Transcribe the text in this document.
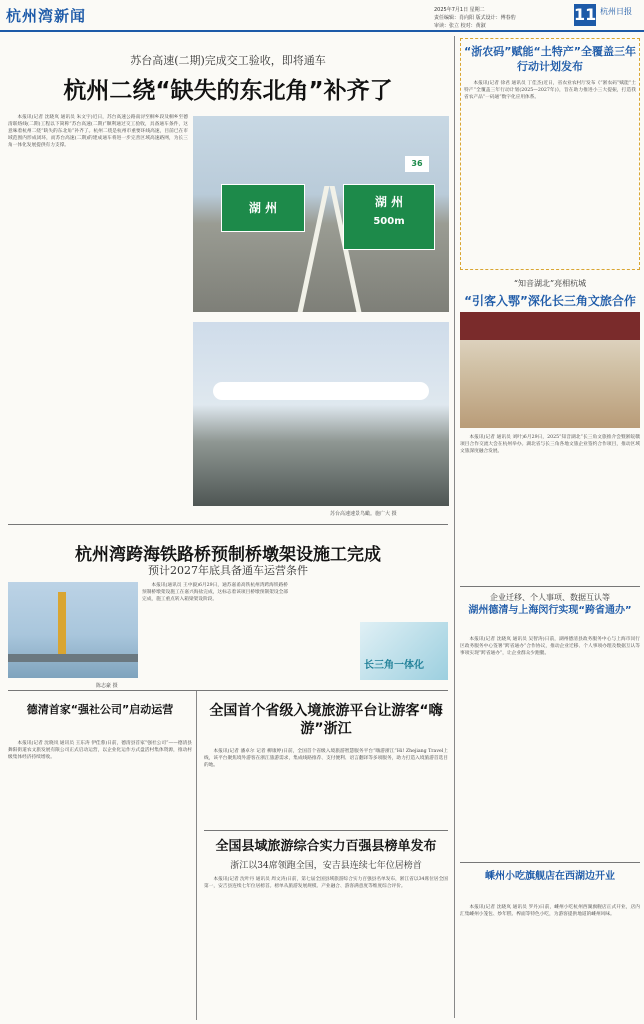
杭州湾新闻	2025年7月1日 星期二
责任编辑：肖向阳 版式设计：傅春豹
审读：张立 校对：黄淑
11 杭州日报
苏台高速(二期)完成交工验收，即将通车
杭州二绕“缺失的东北角”补齐了

本报讯(记者 沈晓岚 通讯员 朱文宇)近日，苏台高速公路南浔至桐乡段及桐乡至德清联络线(二期)工程以下简称“苏台高速(二期)”顺利通过交工验收，具备通车条件，这意味着杭州二绕“缺失的东北角”补齐了。杭州二绕是杭州市重要环线高速，目前已在市域范围内形成闭环，而苏台高速(二期)的建成通车将进一步完善区域高速路网，为长三角一体化发展提供有力支撑。

湖 州	湖 州
500m
36
苏台高速速景鸟瞰。施广大 摄
杭州湾跨海铁路桥预制桥墩架设施工完成
预计2027年底具备通车运营条件
陈志豪 摄

本报讯(通讯员 王中毅)6月29日，通苏嘉甬高铁杭州湾跨海铁路桥预制桥墩架设施工在嘉兴海盐完成，这标志着该项目桥墩预制架设全部完成，施工重点转入箱梁架设阶段。

长三角一体化
德清首家“强社公司”启动运营

本报讯(记者 沈晓岚 通讯员 王东涛 伊佳蓉)日前，德清县首家“强社公司”——德清县舞阳街道农文旅发展有限公司正式启动运营，以企业化运作方式盘活村集体资源，推动村级集体经济持续增收。

全国首个省级入境旅游平台让游客“嗨游”浙江

本报讯(记者 潘卓尔 记者 柳康婷)日前，全国首个省级入境旅游智慧服务平台“嗨游浙江”Hi! Zhejiang Travel上线，该平台聚焦境外游客在浙江旅游需求，集成线路推荐、支付便利、语言翻译等多项服务，助力打造入境旅游首选目的地。

全国县域旅游综合实力百强县榜单发布
浙江以34席领跑全国，安吉县连续七年位居榜首

本报讯(记者 沈叶丹 通讯员 周文涛)日前，第七届全国县域旅游综合实力百强县名单发布，浙江省以34席位居全国第一，安吉县连续七年位居榜首。榜单从旅游发展规模、产业融合、游客满意度等维度综合评价。

“浙农码”赋能“土特产”全覆盖三年行动计划发布

本报讯(记者 徐君 通讯员 丁佳杰)近日，省农业农村厅发布《“浙农码”赋能“土特产”全覆盖三年行动计划(2025—2027年)》，旨在助力推进小三大提振，打造我省农产品“一码通”数字化应用体系。

“知音湖北”亮相杭城
“引客入鄂”深化长三角文旅合作

本报讯(记者 通讯员 刘叶)6月29日，2025“知音湖北”长三角文旅推介会暨浙皖赣项目合作交流大会在杭州举办。湖北省与长三角各地文旅企业签约合作项目，推动区域文旅深度融合发展。

企业迁移、个人事项、数据互认等
湖州德清与上海闵行实现“跨省通办”

本报讯(记者 沈晓岚 通讯员 吴智涛)日前，湖州德清县政务服务中心与上海市闵行区政务服务中心签署“跨省通办”合作协议，推动企业迁移、个人事项办理及数据互认等事项实现“跨省通办”，让企业群众少跑腿。

嵊州小吃旗舰店在西湖边开业

本报讯(记者 沈晓岚 通讯员 罗丹)日前，嵊州小吃杭州西湖旗舰店正式开业，店内汇集嵊州小笼包、炒年糕、榨面等特色小吃，为游客提供地道的嵊州风味。
